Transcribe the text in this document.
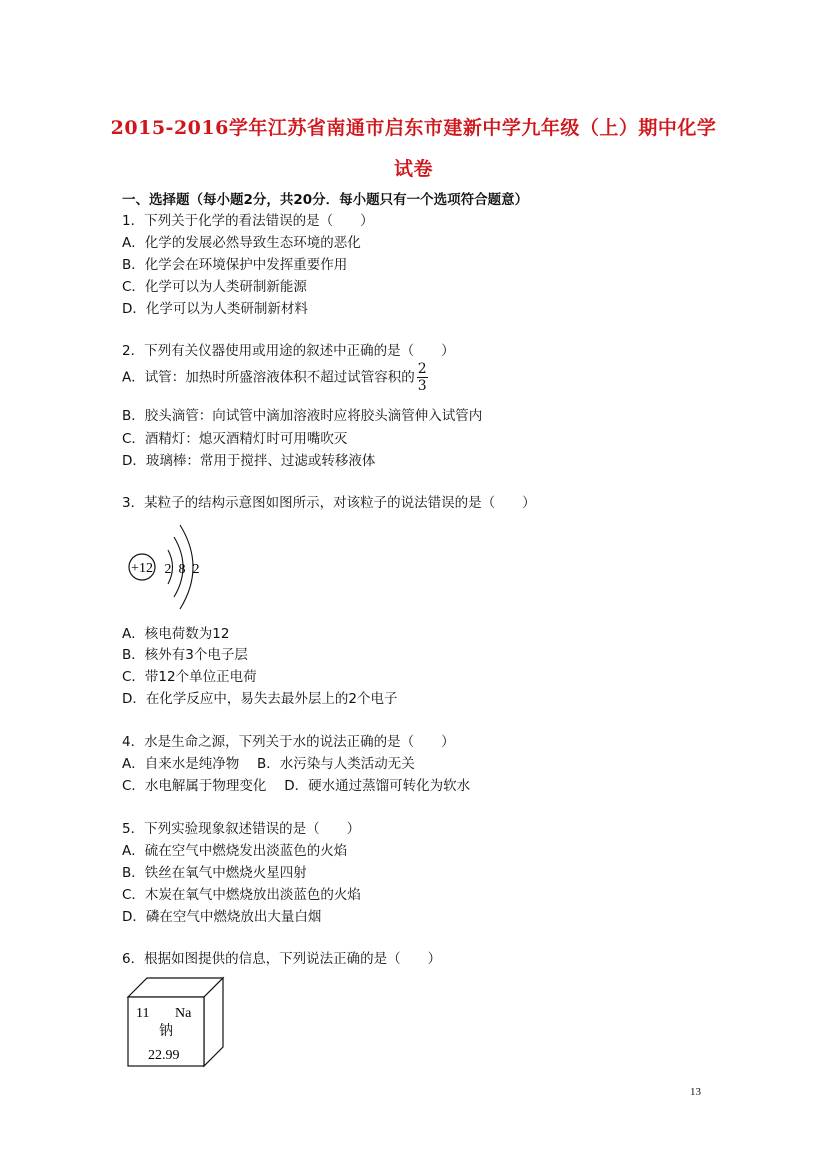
2015-2016学年江苏省南通市启东市建新中学九年级（上）期中化学
试卷
一、选择题（每小题2分，共20分．每小题只有一个选项符合题意）
1．下列关于化学的看法错误的是（　　）
A．化学的发展必然导致生态环境的恶化
B．化学会在环境保护中发挥重要作用
C．化学可以为人类研制新能源
D．化学可以为人类研制新材料
2．下列有关仪器使用或用途的叙述中正确的是（　　）
A．试管：加热时所盛溶液体积不超过试管容积的 $\frac{2}{3}$
B．胶头滴管：向试管中滴加溶液时应将胶头滴管伸入试管内
C．酒精灯：熄灭酒精灯时可用嘴吹灭
D．玻璃棒：常用于搅拌、过滤或转移液体
3．某粒子的结构示意图如图所示，对该粒子的说法错误的是（　　）
+12 2 8 2
A．核电荷数为12
B．核外有3个电子层
C．带12个单位正电荷
D．在化学反应中，易失去最外层上的2个电子
4．水是生命之源，下列关于水的说法正确的是（　　）
A．自来水是纯净物　 B．水污染与人类活动无关
C．水电解属于物理变化　 D．硬水通过蒸馏可转化为软水
5．下列实验现象叙述错误的是（　　）
A．硫在空气中燃烧发出淡蓝色的火焰
B．铁丝在氧气中燃烧火星四射
C．木炭在氧气中燃烧放出淡蓝色的火焰
D．磷在空气中燃烧放出大量白烟
6．根据如图提供的信息，下列说法正确的是（　　）
11 Na
钠
22.99
13
